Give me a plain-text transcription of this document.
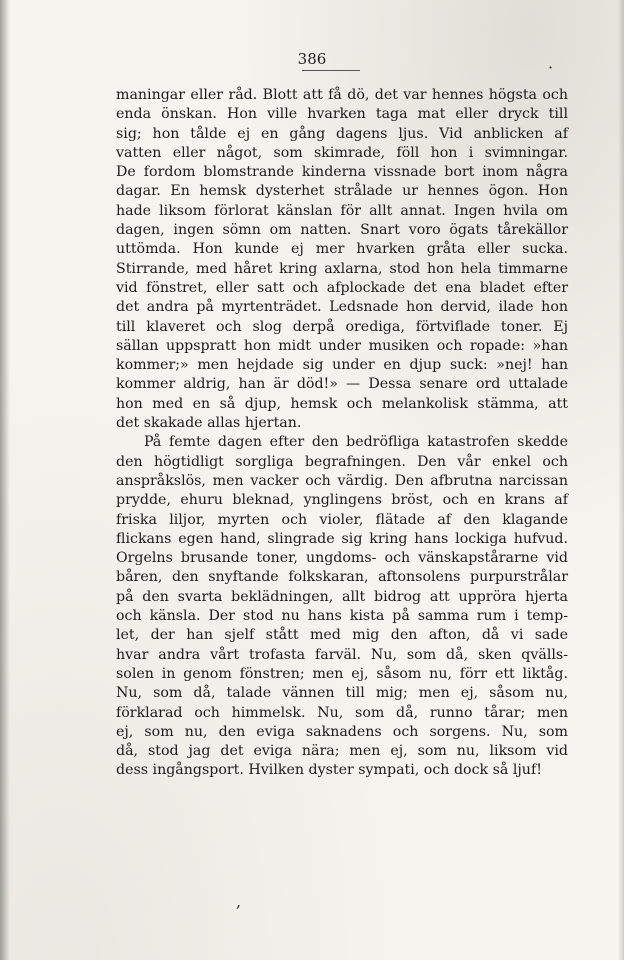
386
maningar eller råd. Blott att få dö, det var hennes högsta och
enda önskan. Hon ville hvarken taga mat eller dryck till
sig; hon tålde ej en gång dagens ljus. Vid anblicken af
vatten eller något, som skimrade, föll hon i svimningar.
De fordom blomstrande kinderna vissnade bort inom några
dagar. En hemsk dysterhet strålade ur hennes ögon. Hon
hade liksom förlorat känslan för allt annat. Ingen hvila om
dagen, ingen sömn om natten. Snart voro ögats tårekällor
uttömda. Hon kunde ej mer hvarken gråta eller sucka.
Stirrande, med håret kring axlarna, stod hon hela timmarne
vid fönstret, eller satt och afplockade det ena bladet efter
det andra på myrtenträdet. Ledsnade hon dervid, ilade hon
till klaveret och slog derpå orediga, förtviflade toner. Ej
sällan uppspratt hon midt under musiken och ropade: »han
kommer;» men hejdade sig under en djup suck: »nej! han
kommer aldrig, han är död!» — Dessa senare ord uttalade
hon med en så djup, hemsk och melankolisk stämma, att
det skakade allas hjertan.
På femte dagen efter den bedröfliga katastrofen skedde
den högtidligt sorgliga begrafningen. Den vår enkel och
anspråkslös, men vacker och värdig. Den afbrutna narcissan
prydde, ehuru bleknad, ynglingens bröst, och en krans af
friska liljor, myrten och violer, flätade af den klagande
flickans egen hand, slingrade sig kring hans lockiga hufvud.
Orgelns brusande toner, ungdoms- och vänskapstårarne vid
båren, den snyftande folkskaran, aftonsolens purpurstrålar
på den svarta beklädningen, allt bidrog att uppröra hjerta
och känsla. Der stod nu hans kista på samma rum i temp-
let, der han sjelf stått med mig den afton, då vi sade
hvar andra vårt trofasta farväl. Nu, som då, sken qvälls-
solen in genom fönstren; men ej, såsom nu, förr ett liktåg.
Nu, som då, talade vännen till mig; men ej, såsom nu,
förklarad och himmelsk. Nu, som då, runno tårar; men
ej, som nu, den eviga saknadens och sorgens. Nu, som
då, stod jag det eviga nära; men ej, som nu, liksom vid
dess ingångsport. Hvilken dyster sympati, och dock så ljuf!
·
,
